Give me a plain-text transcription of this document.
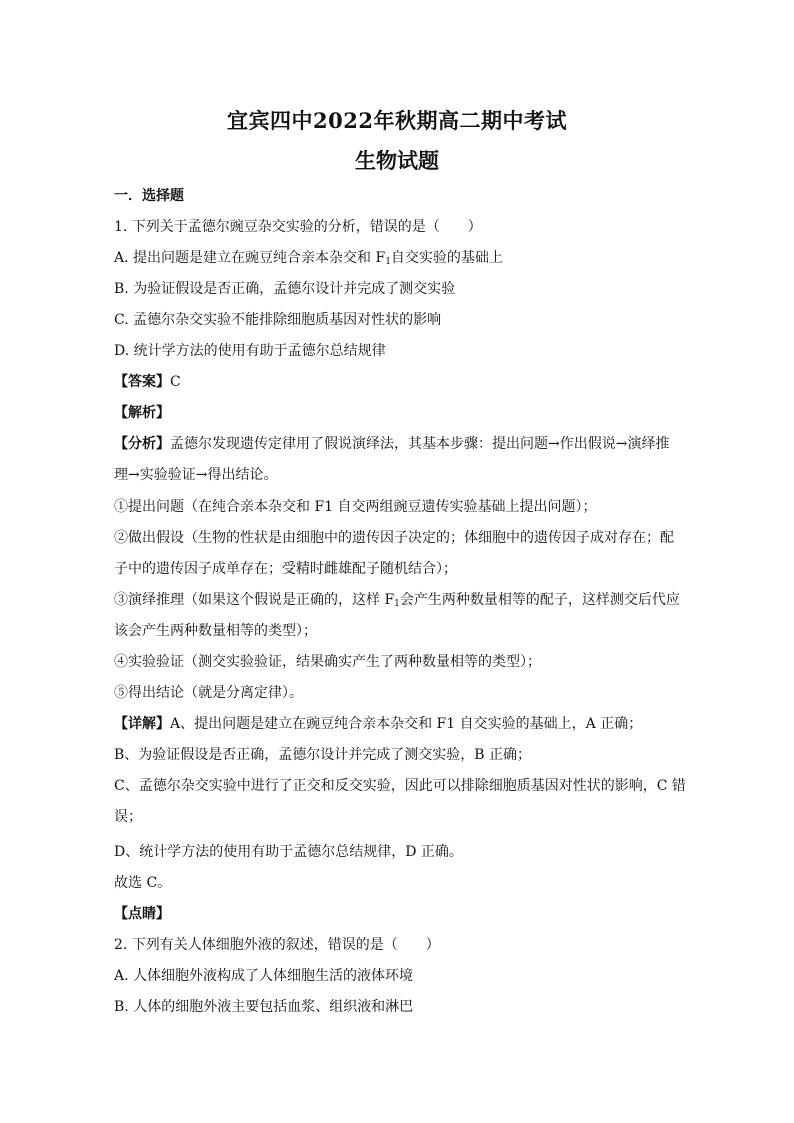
宜宾四中2022年秋期高二期中考试
生物试题
一．选择题
1. 下列关于孟德尔豌豆杂交实验的分析，错误的是（　　）
A. 提出问题是建立在豌豆纯合亲本杂交和 $F_1$自交实验的基础上
B. 为验证假设是否正确，孟德尔设计并完成了测交实验
C. 孟德尔杂交实验不能排除细胞质基因对性状的影响
D. 统计学方法的使用有助于孟德尔总结规律
【答案】C
【解析】
【分析】孟德尔发现遗传定律用了假说演绎法，其基本步骤：提出问题→作出假说→演绎推
理→实验验证→得出结论。
①提出问题（在纯合亲本杂交和 F1 自交两组豌豆遗传实验基础上提出问题）；
②做出假设（生物的性状是由细胞中的遗传因子决定的；体细胞中的遗传因子成对存在；配
子中的遗传因子成单存在；受精时雌雄配子随机结合）；
③演绎推理（如果这个假说是正确的，这样 $F_1$会产生两种数量相等的配子，这样测交后代应
该会产生两种数量相等的类型）；
④实验验证（测交实验验证，结果确实产生了两种数量相等的类型）；
⑤得出结论（就是分离定律）。
【详解】A、提出问题是建立在豌豆纯合亲本杂交和 F1 自交实验的基础上，A 正确；
B、为验证假设是否正确，孟德尔设计并完成了测交实验，B 正确；
C、孟德尔杂交实验中进行了正交和反交实验，因此可以排除细胞质基因对性状的影响，C 错
误；
D、统计学方法的使用有助于孟德尔总结规律，D 正确。
故选 C。
【点睛】
2. 下列有关人体细胞外液的叙述，错误的是（　　）
A. 人体细胞外液构成了人体细胞生活的液体环境
B. 人体的细胞外液主要包括血浆、组织液和淋巴
